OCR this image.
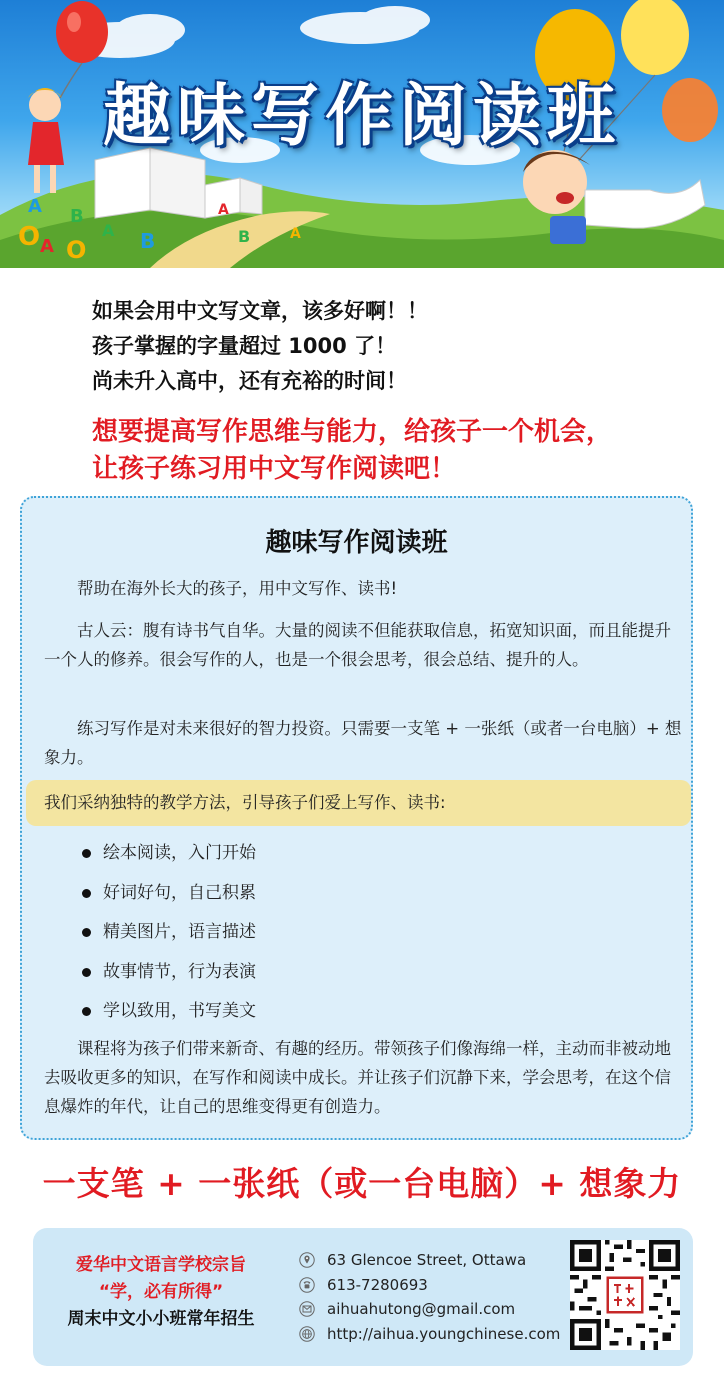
A B
O A	B
A
A
B	A
O
趣味写作阅读班
如果会用中文写文章，该多好啊！！
孩子掌握的字量超过 1000 了！
尚未升入高中，还有充裕的时间！
想要提高写作思维与能力，给孩子一个机会，
让孩子练习用中文写作阅读吧！
趣味写作阅读班

帮助在海外长大的孩子，用中文写作、读书!

古人云：腹有诗书气自华。大量的阅读不但能获取信息，拓宽知识面，而且能提升一个人的修养。很会写作的人，也是一个很会思考，很会总结、提升的人。

练习写作是对未来很好的智力投资。只需要一支笔 + 一张纸（或者一台电脑）+ 想象力。

我们采纳独特的教学方法，引导孩子们爱上写作、读书:
绘本阅读，入门开始
好词好句，自己积累
精美图片，语言描述
故事情节，行为表演
学以致用，书写美文

课程将为孩子们带来新奇、有趣的经历。带领孩子们像海绵一样，主动而非被动地去吸收更多的知识，在写作和阅读中成长。并让孩子们沉静下来，学会思考，在这个信息爆炸的年代，让自己的思维变得更有创造力。

一支笔 + 一张纸（或一台电脑）+ 想象力
爱华中文语言学校宗旨
“学，必有所得”
周末中文小小班常年招生
63 Glencoe Street, Ottawa
613-7280693
aihuahutong@gmail.com
http://aihua.youngchinese.com
